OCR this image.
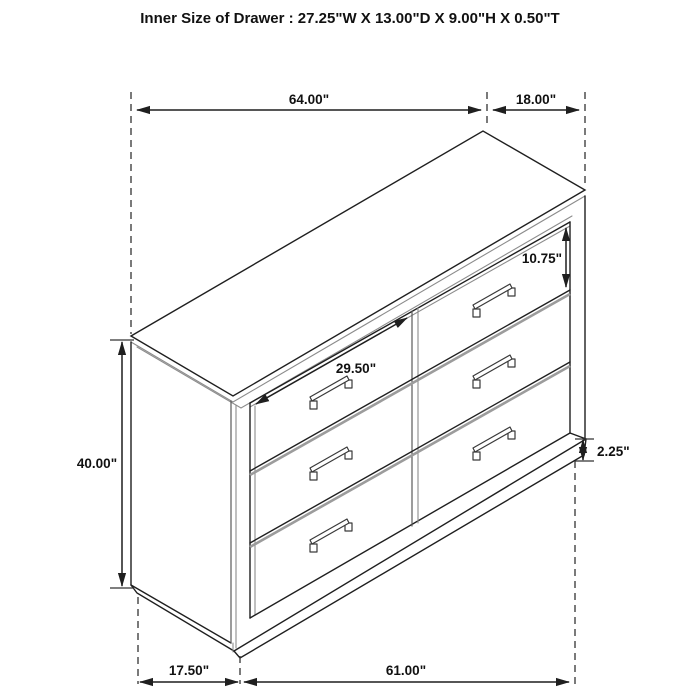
Inner Size of Drawer : 27.25"W X 13.00"D X 9.00"H X 0.50"T
64.00"	18.00"
40.00"
10.75"
29.50"
2.25"
17.50"	61.00"
